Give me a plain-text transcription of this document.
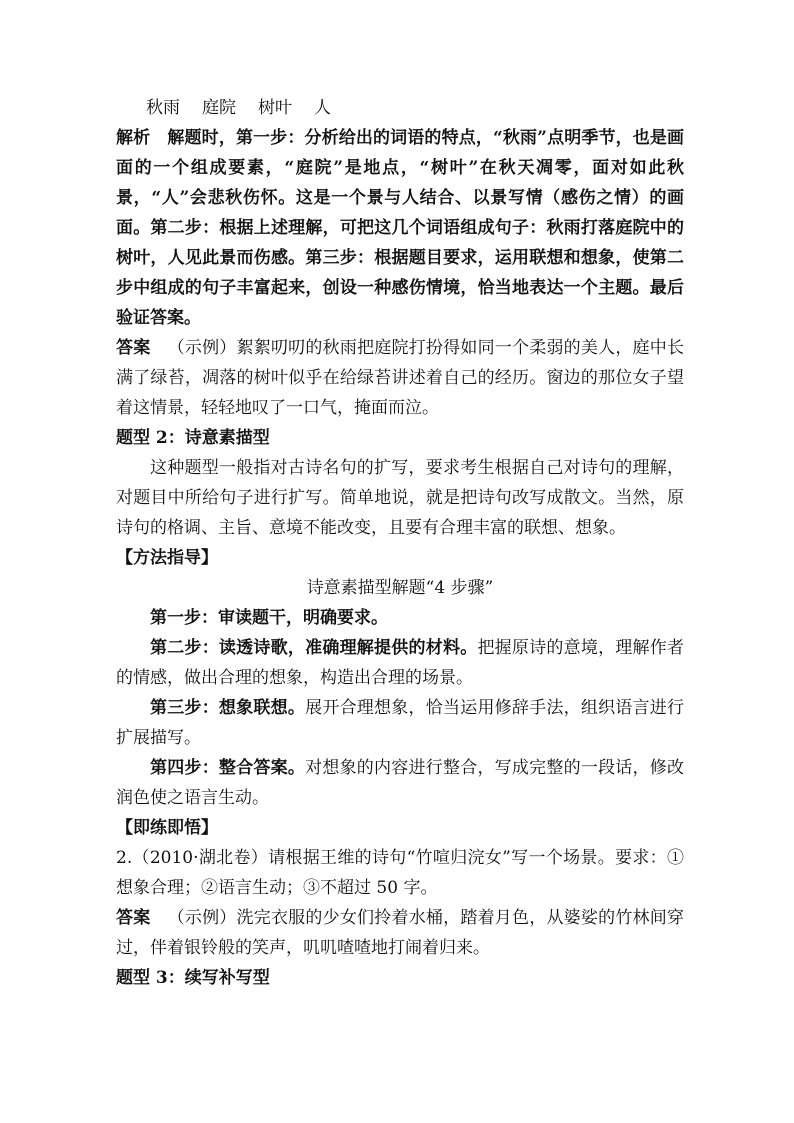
秋雨 庭院 树叶 人

解析  解题时，第一步：分析给出的词语的特点，“秋雨”点明季节，也是画面的一个组成要素，“庭院”是地点，“树叶”在秋天凋零，面对如此秋景，“人”会悲秋伤怀。这是一个景与人结合、以景写情（感伤之情）的画面。第二步：根据上述理解，可把这几个词语组成句子：秋雨打落庭院中的树叶，人见此景而伤感。第三步：根据题目要求，运用联想和想象，使第二步中组成的句子丰富起来，创设一种感伤情境，恰当地表达一个主题。最后验证答案。

答案  （示例）絮絮叨叨的秋雨把庭院打扮得如同一个柔弱的美人，庭中长满了绿苔，凋落的树叶似乎在给绿苔讲述着自己的经历。窗边的那位女子望着这情景，轻轻地叹了一口气，掩面而泣。

题型 2：诗意素描型

这种题型一般指对古诗名句的扩写，要求考生根据自己对诗句的理解，对题目中所给句子进行扩写。简单地说，就是把诗句改写成散文。当然，原诗句的格调、主旨、意境不能改变，且要有合理丰富的联想、想象。

【方法指导】
诗意素描型解题“4 步骤”

第一步：审读题干，明确要求。

第二步：读透诗歌，准确理解提供的材料。把握原诗的意境，理解作者的情感，做出合理的想象，构造出合理的场景。

第三步：想象联想。展开合理想象，恰当运用修辞手法，组织语言进行扩展描写。

第四步：整合答案。对想象的内容进行整合，写成完整的一段话，修改润色使之语言生动。

【即练即悟】

2.（2010·湖北卷）请根据王维的诗句“竹喧归浣女”写一个场景。要求：①想象合理；②语言生动；③不超过 50 字。

答案  （示例）洗完衣服的少女们拎着水桶，踏着月色，从婆娑的竹林间穿过，伴着银铃般的笑声，叽叽喳喳地打闹着归来。

题型 3：续写补写型
